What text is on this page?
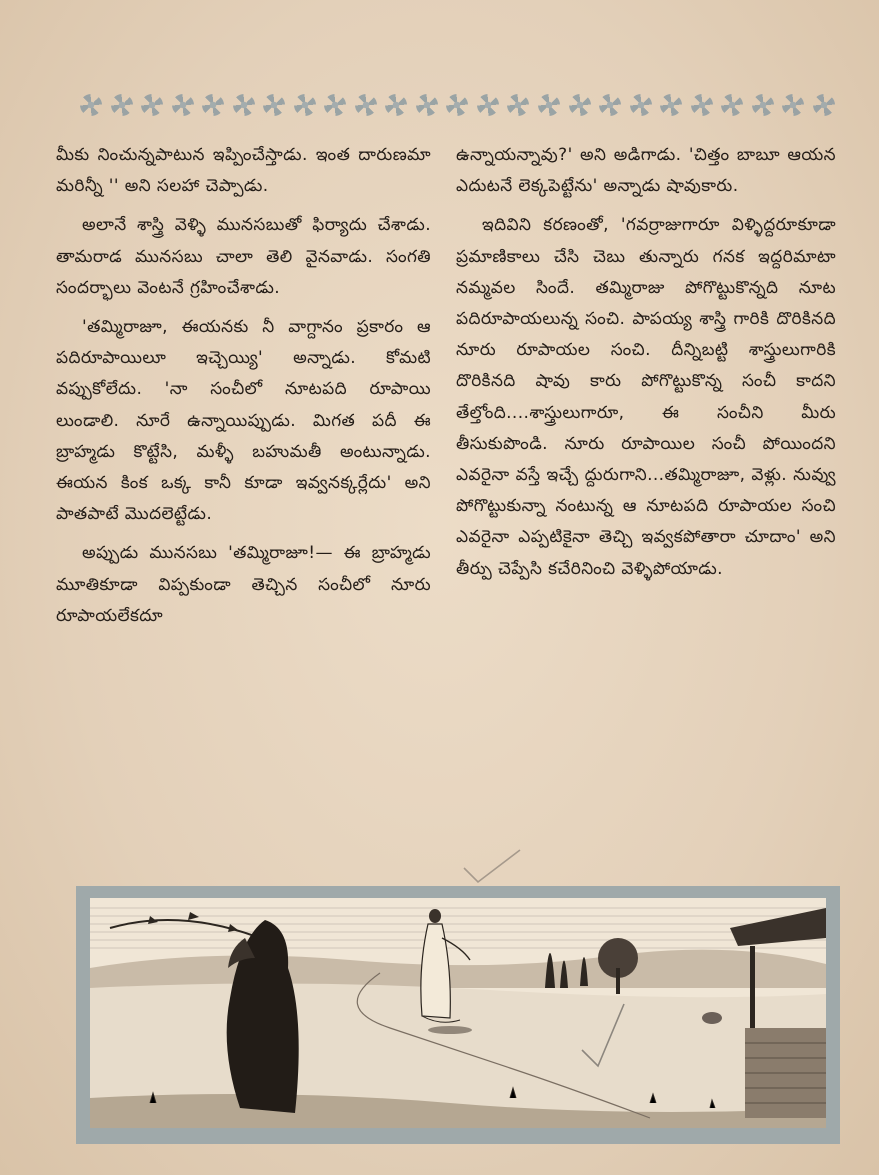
మీకు నించున్నపాటున ఇప్పించేస్తాడు. ఇంత దారుణమా మరిన్నీ '' అని సలహా చెప్పాడు.

అలానే శాస్త్రి వెళ్ళి మునసబుతో ఫిర్యాదు చేశాడు. తామరాడ మునసబు చాలా తెలి వైనవాడు. సంగతి సందర్భాలు వెంటనే గ్రహించేశాడు.

'తమ్మిరాజూ, ఈయనకు నీ వాగ్దానం ప్రకారం ఆ పదిరూపాయిలూ ఇచ్చెయ్యి' అన్నాడు. కోమటి వప్పుకోలేదు. 'నా సంచీలో నూటపది రూపాయి లుండాలి. నూరే ఉన్నాయిప్పుడు. మిగత పదీ ఈ బ్రాహ్మడు కొట్టేసి, మళ్ళీ బహుమతీ అంటున్నాడు. ఈయన కింక ఒక్క కానీ కూడా ఇవ్వనక్కర్లేదు' అని పాతపాటే మొదలెట్టేడు.

అప్పుడు మునసబు 'తమ్మిరాజూ!— ఈ బ్రాహ్మడు మూతికూడా విప్పకుండా తెచ్చిన సంచీలో నూరు రూపాయలేకదూ

ఉన్నాయన్నావు?' అని అడిగాడు. 'చిత్తం బాబూ ఆయన ఎదుటనే లెక్కపెట్టేను' అన్నాడు షావుకారు.

ఇదివిని కరణంతో, 'గవర్రాజుగారూ విళ్ళిద్దరూకూడా ప్రమాణికాలు చేసి చెబు తున్నారు గనక ఇద్దరిమాటా నమ్మవల సిందే. తమ్మిరాజు పోగొట్టుకొన్నది నూట పదిరూపాయలున్న సంచి. పాపయ్య శాస్త్రి గారికి దొరికినది నూరు రూపాయల సంచి. దీన్నిబట్టి శాస్త్రులుగారికి దొరికినది షావు కారు పోగొట్టుకొన్న సంచీ కాదని తేల్తోంది....శాస్త్రులుగారూ, ఈ సంచీని మీరు తీసుకుపొండి. నూరు రూపాయిల సంచీ పోయిందని ఎవరైనా వస్తే ఇచ్చే ద్దురుగాని...తమ్మిరాజూ, వెళ్లు. నువ్వు పోగొట్టుకున్నా నంటున్న ఆ నూటపది రూపాయల సంచి ఎవరైనా ఎప్పటికైనా తెచ్చి ఇవ్వకపోతారా చూదాం' అని తీర్పు చెప్పేసి కచేరినించి వెళ్ళిపోయాడు.
